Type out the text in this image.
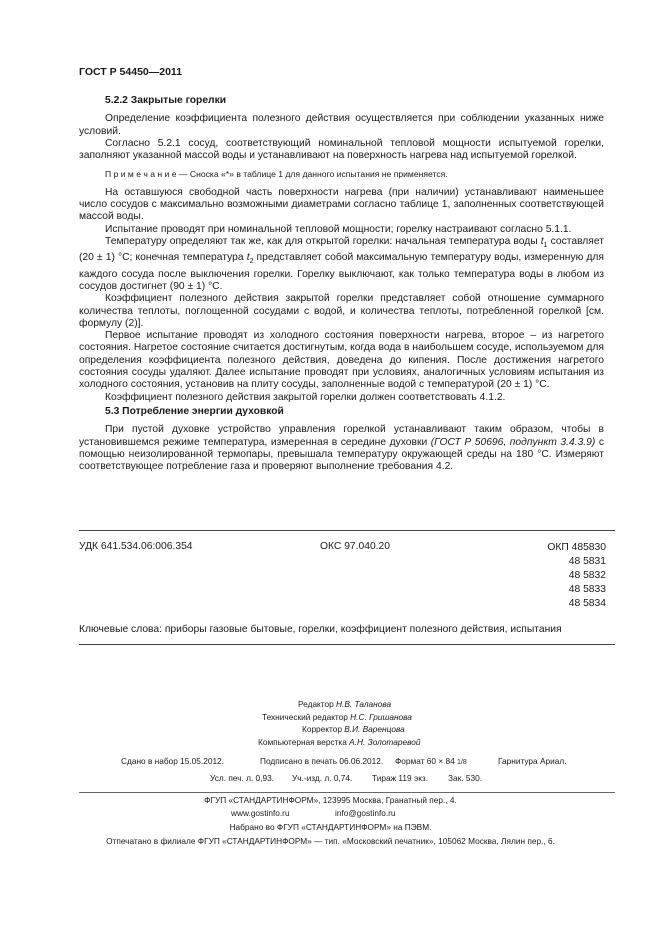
ГОСТ Р 54450—2011

5.2.2 Закрытые горелки

Определение коэффициента полезного действия осуществляется при соблюдении указанных ниже условий.

Согласно 5.2.1 сосуд, соответствующий номинальной тепловой мощности испытуемой горелки, заполняют указанной массой воды и устанавливают на поверхность нагрева над испытуемой горелкой.

П р и м е ч а н и е — Сноска «*» в таблице 1 для данного испытания не применяется.

На оставшуюся свободной часть поверхности нагрева (при наличии) устанавливают наименьшее число сосудов с максимально возможными диаметрами согласно таблице 1, заполненных соответствующей массой воды.

Испытание проводят при номинальной тепловой мощности; горелку настраивают согласно 5.1.1.

Температуру определяют так же, как для открытой горелки: начальная температура воды $t_1$ составляет (20 ± 1) °C; конечная температура $t_2$ представляет собой максимальную температуру воды, измеренную для каждого сосуда после выключения горелки. Горелку выключают, как только температура воды в любом из сосудов достигнет (90 ± 1) °C.

Коэффициент полезного действия закрытой горелки представляет собой отношение суммарного количества теплоты, поглощенной сосудами с водой, и количества теплоты, потребленной горелкой [см. формулу (2)].

Первое испытание проводят из холодного состояния поверхности нагрева, второе – из нагретого состояния. Нагретое состояние считается достигнутым, когда вода в наибольшем сосуде, используемом для определения коэффициента полезного действия, доведена до кипения. После достижения нагретого состояния сосуды удаляют. Далее испытание проводят при условиях, аналогичных условиям испытания из холодного состояния, установив на плиту сосуды, заполненные водой с температурой (20 ± 1) °C.

Коэффициент полезного действия закрытой горелки должен соответствовать 4.1.2.

5.3 Потребление энергии духовкой

При пустой духовке устройство управления горелкой устанавливают таким образом, чтобы в установившемся режиме температура, измеренная в середине духовки (ГОСТ Р 50696, подпункт 3.4.3.9) с помощью неизолированной термопары, превышала температуру окружающей среды на 180 °C. Измеряют соответствующее потребление газа и проверяют выполнение требования 4.2.

УДК 641.534.06:006.354	ОКС 97.040.20	ОКП 485830
48 5831
48 5832
48 5833
48 5834
Ключевые слова: приборы газовые бытовые, горелки, коэффициент полезного действия, испытания
Редактор Н.В. Таланова
Технический редактор Н.С. Гришанова
Корректор В.И. Варенцова
Компьютерная верстка А.Н. Золотаревой
Сдано в набор 15.05.2012.	Подписано в печать 06.06.2012. Формат 60 × 84 1/8	Гарнитура Ариал.
Усл. печ. л. 0,93. Уч.-изд. л. 0,74. Тираж 119 экз. Зак. 530.
ФГУП «СТАНДАРТИНФОРМ», 123995 Москва, Гранатный пер., 4.
www.gostinfo.ru	info@gostinfo.ru
Набрано во ФГУП «СТАНДАРТИНФОРМ» на ПЭВМ.
Отпечатано в филиале ФГУП «СТАНДАРТИНФОРМ» — тип. «Московский печатник», 105062 Москва, Лялин пер., 6.
